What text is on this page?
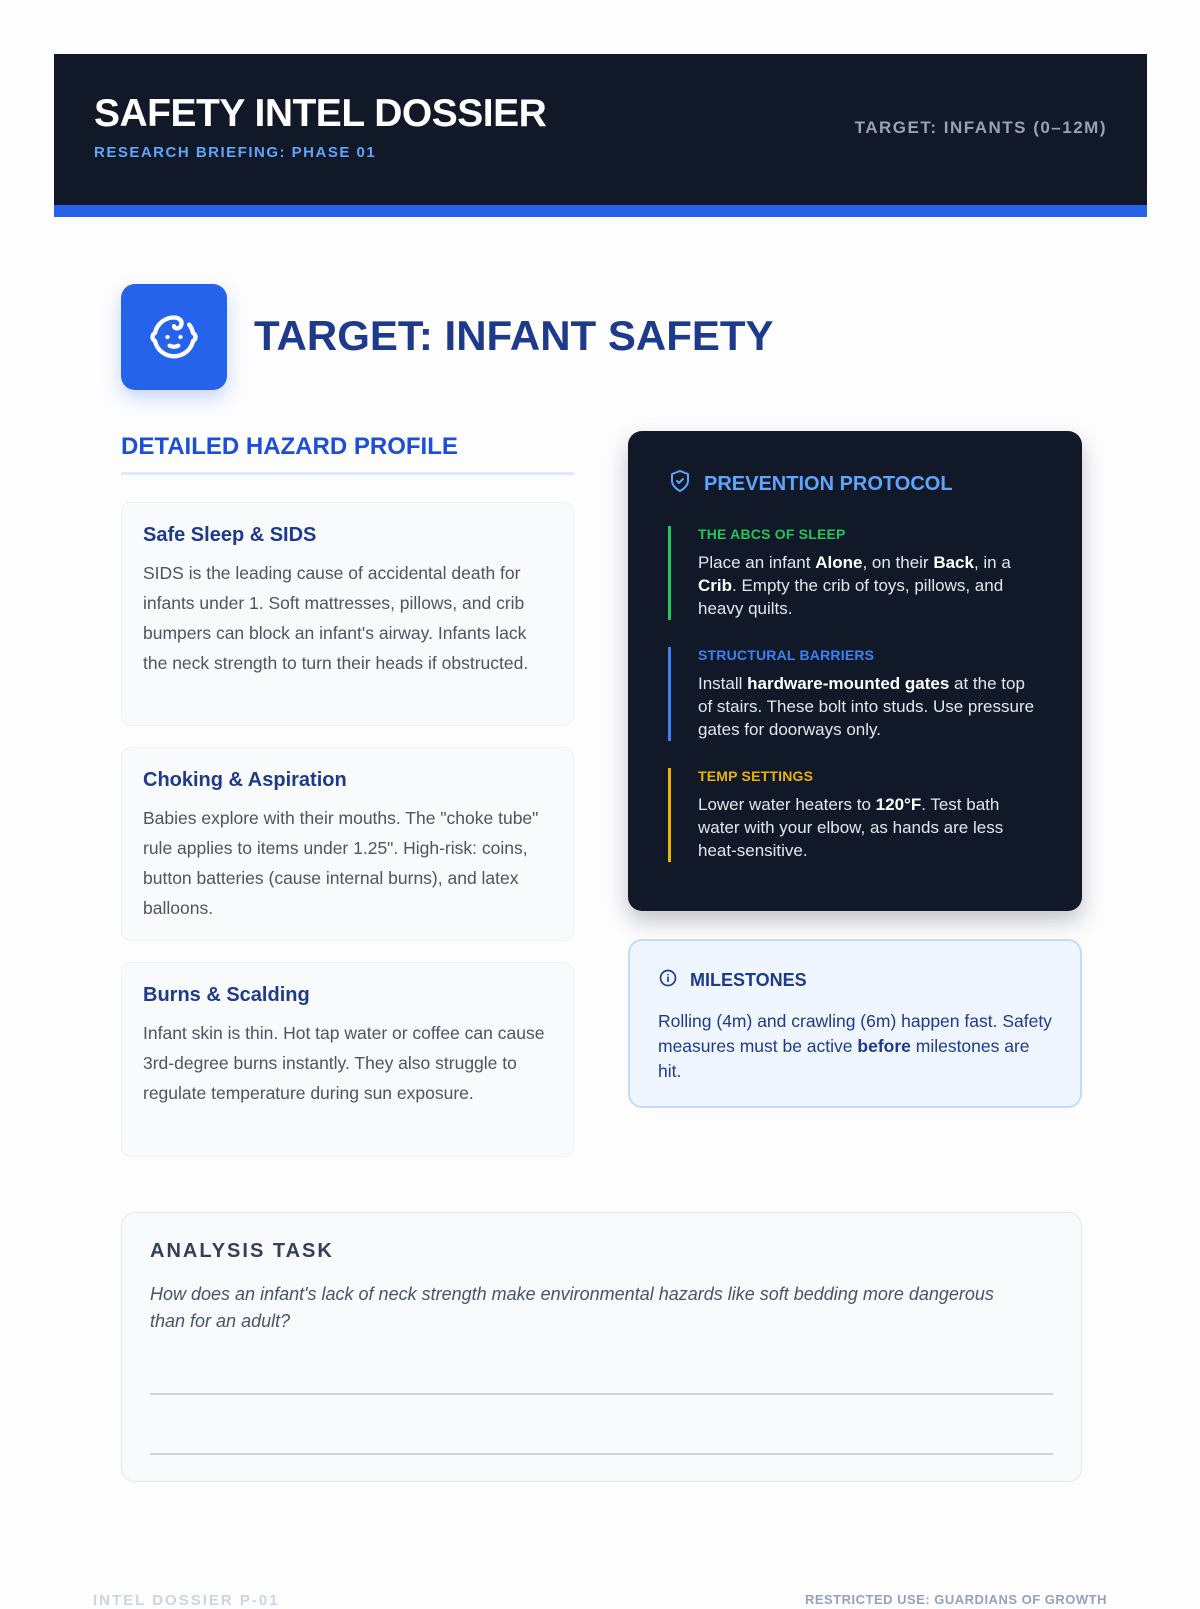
SAFETY INTEL DOSSIER
RESEARCH BRIEFING: PHASE 01
TARGET: INFANTS (0–12M)
TARGET: INFANT SAFETY
DETAILED HAZARD PROFILE
Safe Sleep & SIDS
SIDS is the leading cause of accidental death for infants under 1. Soft mattresses, pillows, and crib bumpers can block an infant's airway. Infants lack the neck strength to turn their heads if obstructed.
Choking & Aspiration
Babies explore with their mouths. The "choke tube" rule applies to items under 1.25". High-risk: coins, button batteries (cause internal burns), and latex balloons.
Burns & Scalding
Infant skin is thin. Hot tap water or coffee can cause 3rd-degree burns instantly. They also struggle to regulate temperature during sun exposure.
PREVENTION PROTOCOL
THE ABCS OF SLEEP
Place an infant Alone, on their Back, in a Crib. Empty the crib of toys, pillows, and heavy quilts.
STRUCTURAL BARRIERS
Install hardware-mounted gates at the top of stairs. These bolt into studs. Use pressure gates for doorways only.
TEMP SETTINGS
Lower water heaters to 120°F. Test bath water with your elbow, as hands are less heat-sensitive.
MILESTONES
Rolling (4m) and crawling (6m) happen fast. Safety measures must be active before milestones are hit.
ANALYSIS TASK
How does an infant's lack of neck strength make environmental hazards like soft bedding more dangerous than for an adult?
INTEL DOSSIER P-01	RESTRICTED USE: GUARDIANS OF GROWTH
